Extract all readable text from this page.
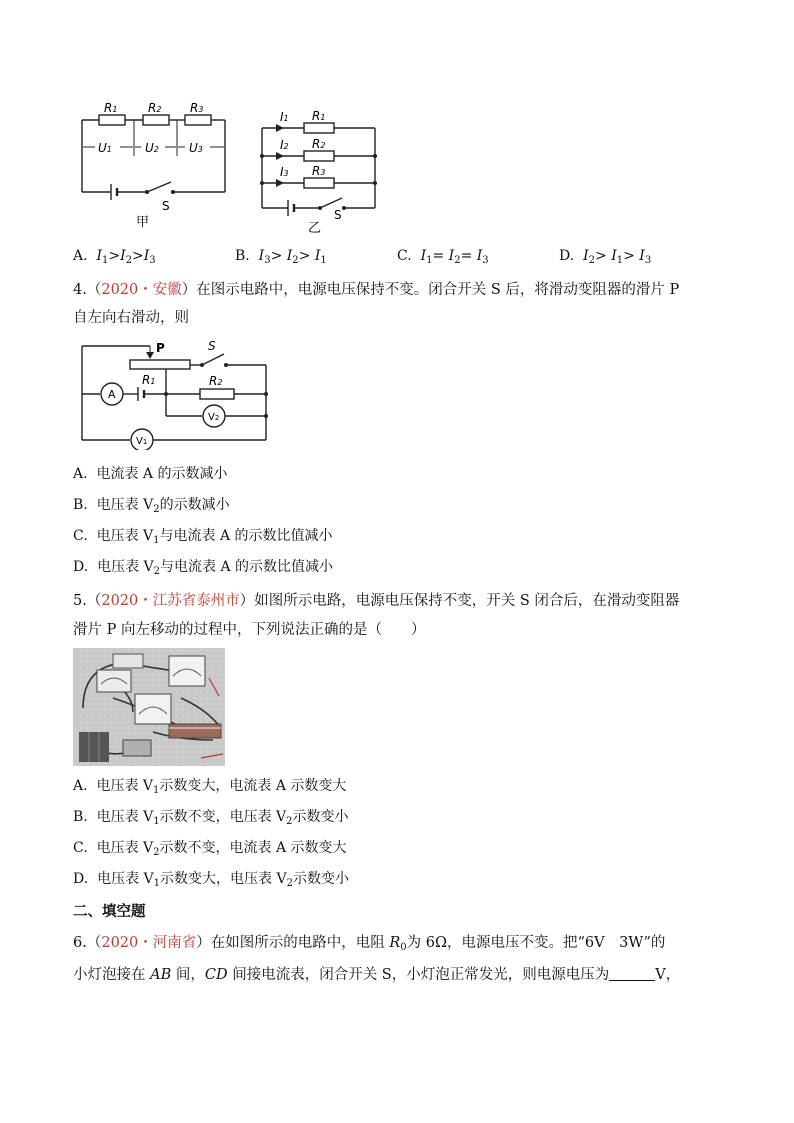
R1	R2 R3
U1	U2	U3
S
甲
I1
I2
I3
R1
R2
R3
S
乙
A. $I_1>I_2>I_3$	B. $I_3> I_2> I_1$	C. $I_1= I_2= I_3$	D. $I_2> I_1> I_3$
4.（2020・安徽）在图示电路中，电源电压保持不变。闭合开关 S 后，将滑动变阻器的滑片 P
自左向右滑动，则
P	S
R1	R2
A
V2
V1
A. 电流表 A 的示数减小
B. 电压表 $V_2$的示数减小
C. 电压表 $V_1$与电流表 A 的示数比值减小
D. 电压表 $V_2$与电流表 A 的示数比值减小
5.（2020・江苏省泰州市）如图所示电路，电源电压保持不变，开关 S 闭合后，在滑动变阻器
滑片 P 向左移动的过程中，下列说法正确的是（　　）
A. 电压表 $V_1$示数变大，电流表 A 示数变大
B. 电压表 $V_1$示数不变，电压表 $V_2$示数变小
C. 电压表 $V_2$示数不变，电流表 A 示数变大
D. 电压表 $V_1$示数变大，电压表 $V_2$示数变小
二、填空题
6.（2020・河南省）在如图所示的电路中，电阻 $R_0$为 6Ω，电源电压不变。把“6V　3W”的
小灯泡接在 AB 间，CD 间接电流表，闭合开关 S，小灯泡正常发光，则电源电压为	V，
